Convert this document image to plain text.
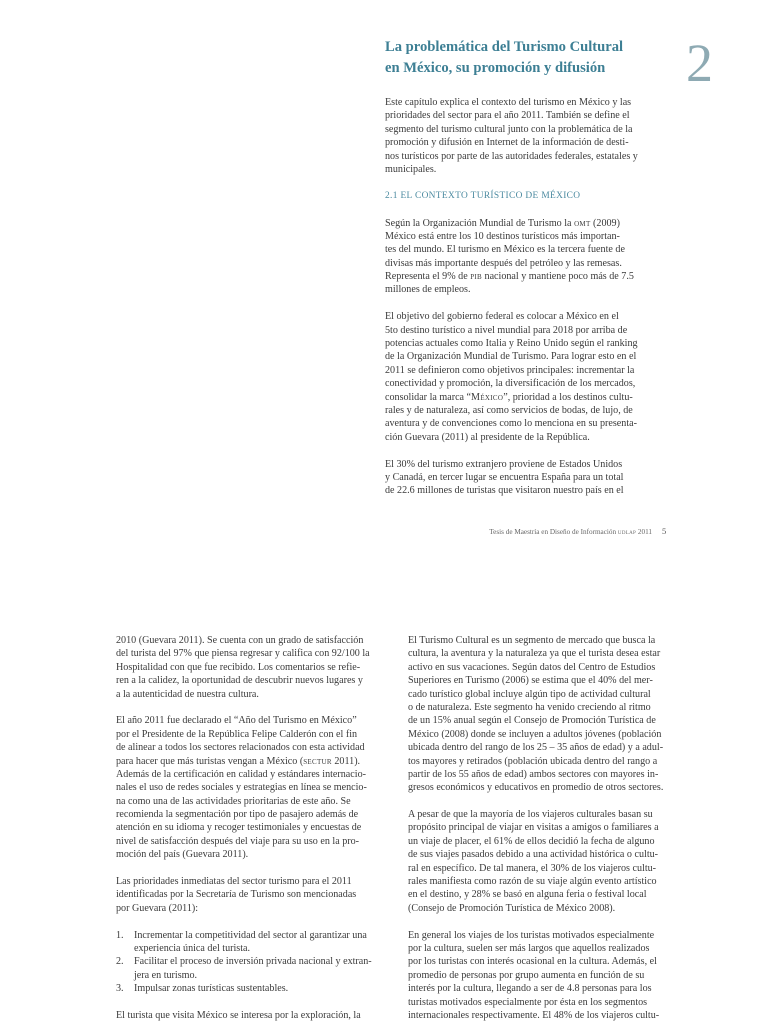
La problemática del Turismo Cultural
en México, su promoción y difusión	2
Este capítulo explica el contexto del turismo en México y las
prioridades del sector para el año 2011. También se define el
segmento del turismo cultural junto con la problemática de la
promoción y difusión en Internet de la información de desti-
nos turísticos por parte de las autoridades federales, estatales y
municipales.
2.1 EL CONTEXTO TURÍSTICO DE MÉXICO
Según la Organización Mundial de Turismo la omt (2009)
México está entre los 10 destinos turísticos más importan-
tes del mundo. El turismo en México es la tercera fuente de
divisas más importante después del petróleo y las remesas.
Representa el 9% de pib nacional y mantiene poco más de 7.5
millones de empleos.
El objetivo del gobierno federal es colocar a México en el
5to destino turístico a nivel mundial para 2018 por arriba de
potencias actuales como Italia y Reino Unido según el ranking
de la Organización Mundial de Turismo. Para lograr esto en el
2011 se definieron como objetivos principales: incrementar la
conectividad y promoción, la diversificación de los mercados,
consolidar la marca “México”, prioridad a los destinos cultu-
rales y de naturaleza, así como servicios de bodas, de lujo, de
aventura y de convenciones como lo menciona en su presenta-
ción Guevara (2011) al presidente de la República.
El 30% del turismo extranjero proviene de Estados Unidos
y Canadá, en tercer lugar se encuentra España para un total
de 22.6 millones de turistas que visitaron nuestro país en el
Tesis de Maestría en Diseño de Información udlap 2011 5
2010 (Guevara 2011). Se cuenta con un grado de satisfacción
del turista del 97% que piensa regresar y califica con 92/100 la
Hospitalidad con que fue recibido. Los comentarios se refie-
ren a la calidez, la oportunidad de descubrir nuevos lugares y
a la autenticidad de nuestra cultura.
El año 2011 fue declarado el “Año del Turismo en México”
por el Presidente de la República Felipe Calderón con el fin
de alinear a todos los sectores relacionados con esta actividad
para hacer que más turistas vengan a México (sectur 2011).
Además de la certificación en calidad y estándares internacio-
nales el uso de redes sociales y estrategias en línea se mencio-
na como una de las actividades prioritarias de este año. Se
recomienda la segmentación por tipo de pasajero además de
atención en su idioma y recoger testimoniales y encuestas de
nivel de satisfacción después del viaje para su uso en la pro-
moción del país (Guevara 2011).
Las prioridades inmediatas del sector turismo para el 2011
identificadas por la Secretaría de Turismo son mencionadas
por Guevara (2011):
1.	Incrementar la competitividad del sector al garantizar una
experiencia única del turista.
2.	Facilitar el proceso de inversión privada nacional y extran-
jera en turismo.
3.	Impulsar zonas turísticas sustentables.
El turista que visita México se interesa por la exploración, la
El Turismo Cultural es un segmento de mercado que busca la
cultura, la aventura y la naturaleza ya que el turista desea estar
activo en sus vacaciones. Según datos del Centro de Estudios
Superiores en Turismo (2006) se estima que el 40% del mer-
cado turístico global incluye algún tipo de actividad cultural
o de naturaleza. Este segmento ha venido creciendo al ritmo
de un 15% anual según el Consejo de Promoción Turística de
México (2008) donde se incluyen a adultos jóvenes (población
ubicada dentro del rango de los 25 – 35 años de edad) y a adul-
tos mayores y retirados (población ubicada dentro del rango a
partir de los 55 años de edad) ambos sectores con mayores in-
gresos económicos y educativos en promedio de otros sectores.
A pesar de que la mayoría de los viajeros culturales basan su
propósito principal de viajar en visitas a amigos o familiares a
un viaje de placer, el 61% de ellos decidió la fecha de alguno
de sus viajes pasados debido a una actividad histórica o cultu-
ral en específico. De tal manera, el 30% de los viajeros cultu-
rales manifiesta como razón de su viaje algún evento artístico
en el destino, y 28% se basó en alguna feria o festival local
(Consejo de Promoción Turística de México 2008).
En general los viajes de los turistas motivados especialmente
por la cultura, suelen ser más largos que aquellos realizados
por los turistas con interés ocasional en la cultura. Además, el
promedio de personas por grupo aumenta en función de su
interés por la cultura, llegando a ser de 4.8 personas para los
turistas motivados especialmente por ésta en los segmentos
internacionales respectivamente. El 48% de los viajeros cultu-
